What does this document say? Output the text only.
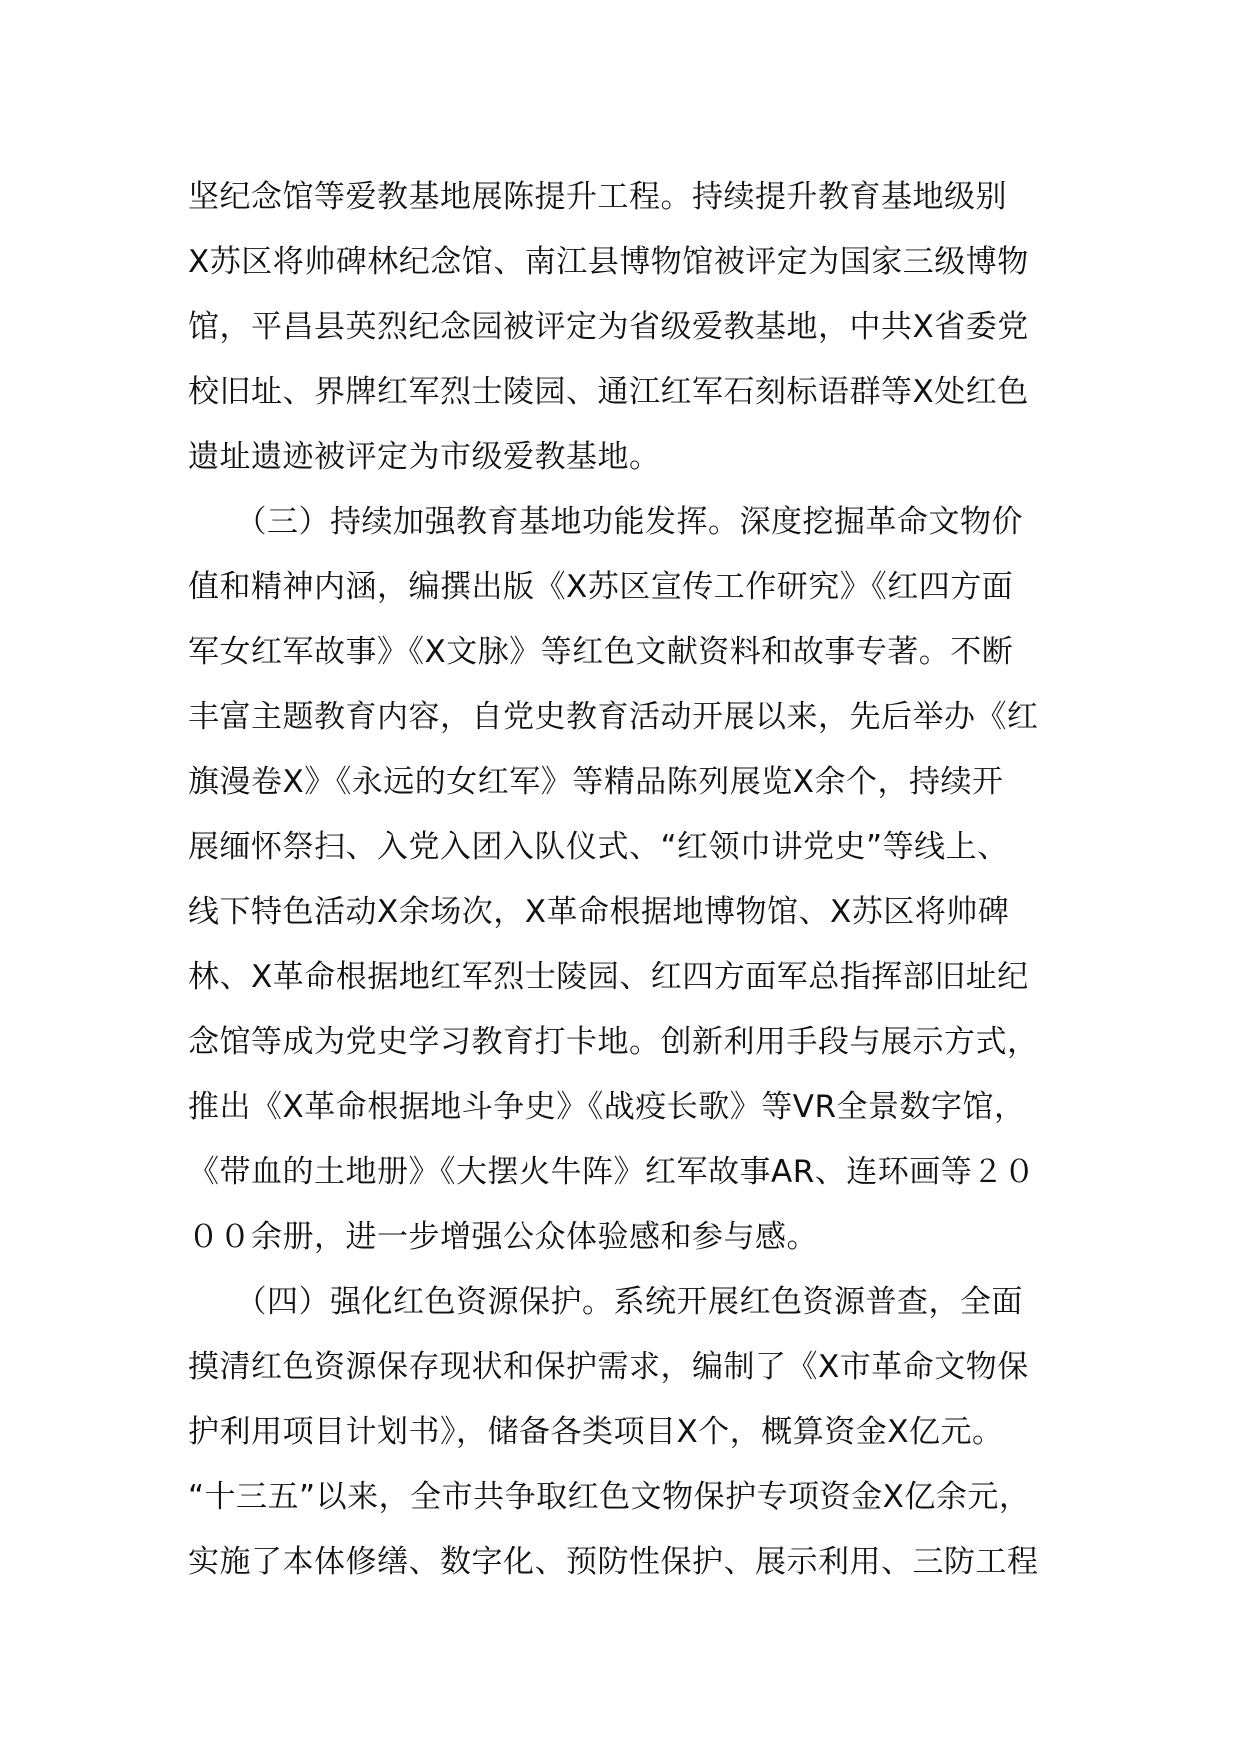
坚纪念馆等爱教基地展陈提升工程。持续提升教育基地级别
X苏区将帅碑林纪念馆、南江县博物馆被评定为国家三级博物
馆，平昌县英烈纪念园被评定为省级爱教基地，中共X省委党
校旧址、界牌红军烈士陵园、通江红军石刻标语群等X处红色
遗址遗迹被评定为市级爱教基地。
　　（三）持续加强教育基地功能发挥。深度挖掘革命文物价
值和精神内涵，编撰出版《X苏区宣传工作研究》《红四方面
军女红军故事》《X文脉》等红色文献资料和故事专著。不断
丰富主题教育内容，自党史教育活动开展以来，先后举办《红
旗漫卷X》《永远的女红军》等精品陈列展览X余个，持续开
展缅怀祭扫、入党入团入队仪式、“红领巾讲党史”等线上、
线下特色活动X余场次，X革命根据地博物馆、X苏区将帅碑
林、X革命根据地红军烈士陵园、红四方面军总指挥部旧址纪
念馆等成为党史学习教育打卡地。创新利用手段与展示方式，
推出《X革命根据地斗争史》《战疫长歌》等VR全景数字馆，
《带血的土地册》《大摆火牛阵》红军故事AR、连环画等２０
００余册，进一步增强公众体验感和参与感。
　　（四）强化红色资源保护。系统开展红色资源普查，全面
摸清红色资源保存现状和保护需求，编制了《X市革命文物保
护利用项目计划书》，储备各类项目X个，概算资金X亿元。
“十三五”以来，全市共争取红色文物保护专项资金X亿余元，
实施了本体修缮、数字化、预防性保护、展示利用、三防工程
